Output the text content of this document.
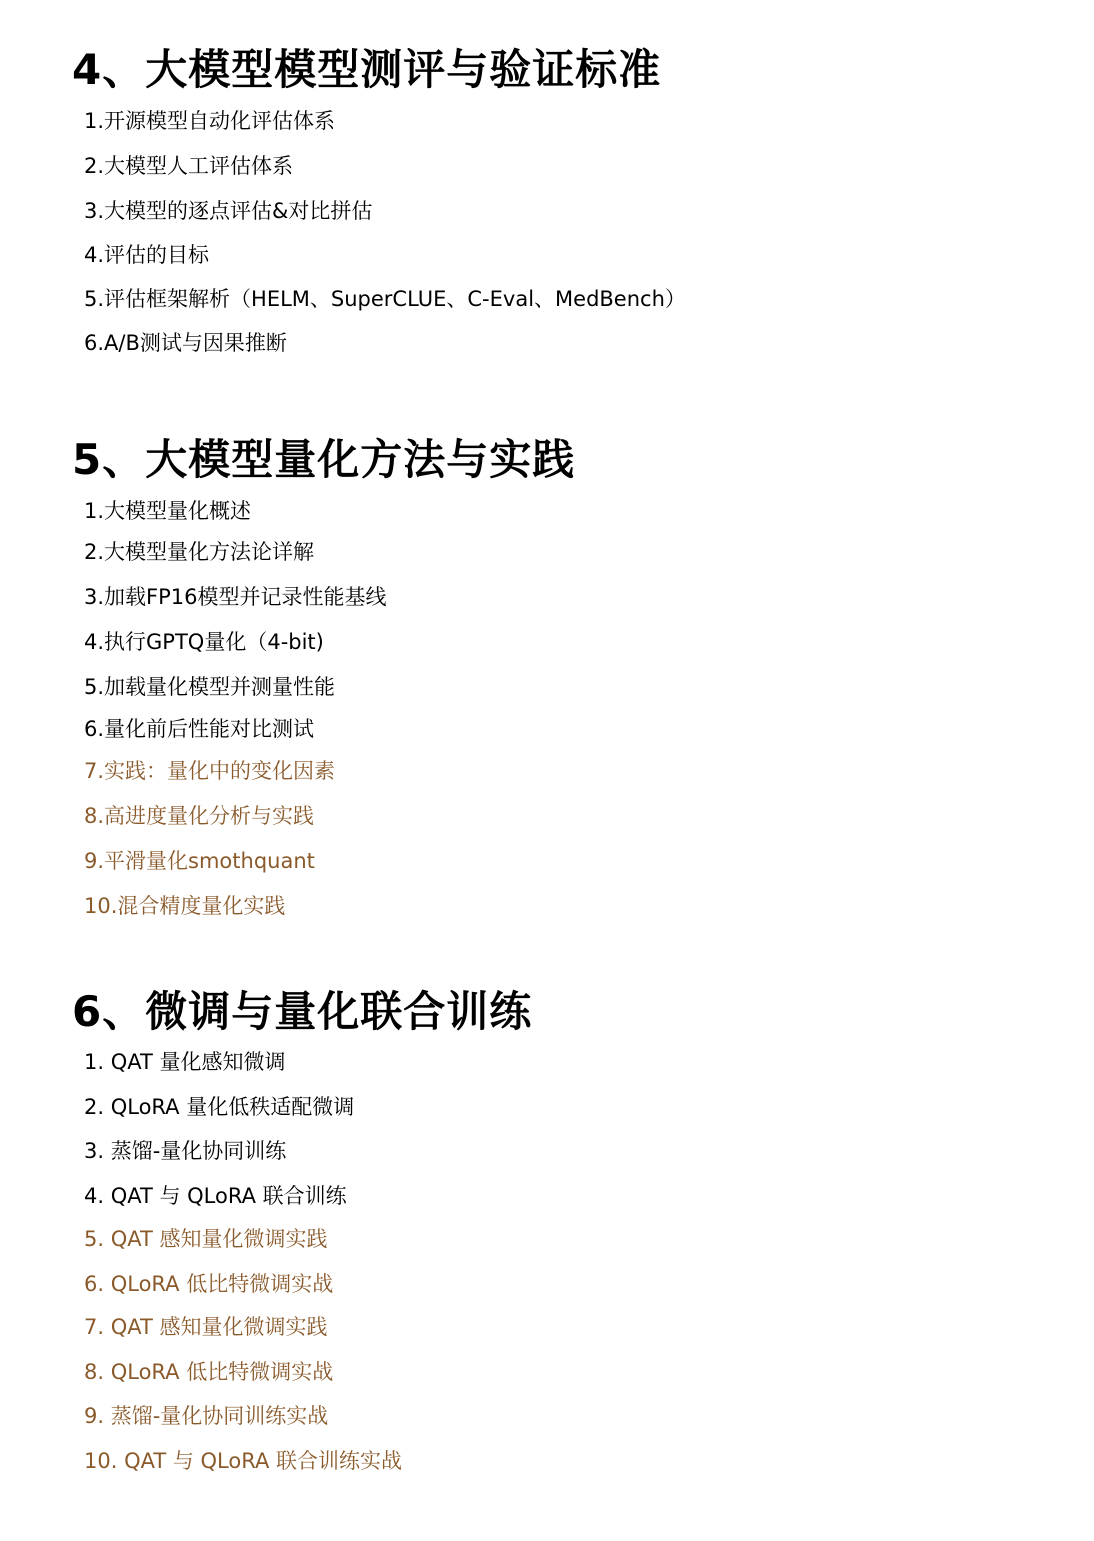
4、大模型模型测评与验证标准
1.开源模型自动化评估体系
2.大模型人工评估体系
3.大模型的逐点评估&对比拼估
4.评估的目标
5.评估框架解析（HELM、SuperCLUE、C-Eval、MedBench）
6.A/B测试与因果推断
5、大模型量化方法与实践
1.大模型量化概述
2.大模型量化方法论详解
3.加载FP16模型并记录性能基线
4.执行GPTQ量化（4-bit)
5.加载量化模型并测量性能
6.量化前后性能对比测试
7.实践：量化中的变化因素
8.高进度量化分析与实践
9.平滑量化smothquant
10.混合精度量化实践
6、微调与量化联合训练
1. QAT 量化感知微调
2. QLoRA 量化低秩适配微调
3. 蒸馏-量化协同训练
4. QAT 与 QLoRA 联合训练
5. QAT 感知量化微调实践
6. QLoRA 低比特微调实战
7. QAT 感知量化微调实践
8. QLoRA 低比特微调实战
9. 蒸馏-量化协同训练实战
10. QAT 与 QLoRA 联合训练实战
